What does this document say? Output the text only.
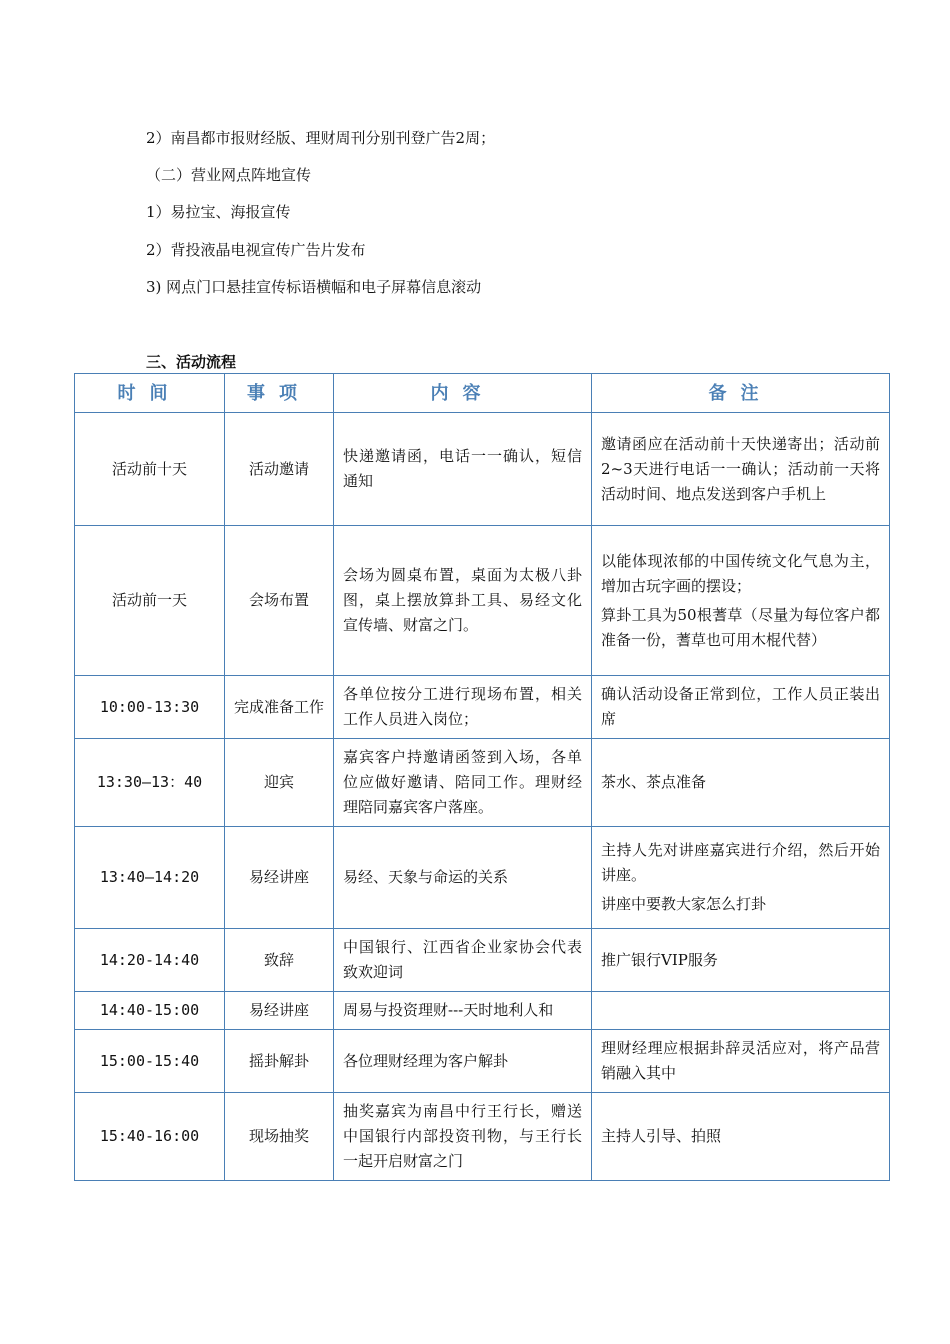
2）南昌都市报财经版、理财周刊分别刊登广告2周；
（二）营业网点阵地宣传
1）易拉宝、海报宣传
2）背投液晶电视宣传广告片发布
3) 网点门口悬挂宣传标语横幅和电子屏幕信息滚动
三、活动流程
时间	事项	内容	备注
活动前十天	活动邀请	快递邀请函，电话一一确认，短信通知	邀请函应在活动前十天快递寄出；活动前2~3天进行电话一一确认；活动前一天将活动时间、地点发送到客户手机上

活动前一天	会场布置	会场为圆桌布置，桌面为太极八卦图，桌上摆放算卦工具、易经文化宣传墙、财富之门。	以能体现浓郁的中国传统文化气息为主，增加古玩字画的摆设；
算卦工具为50根蓍草（尽量为每位客户都准备一份，蓍草也可用木棍代替）

10:00-13:30	完成准备工作	各单位按分工进行现场布置，相关工作人员进入岗位；	确认活动设备正常到位，工作人员正装出席

13:30—13：40	迎宾	嘉宾客户持邀请函签到入场，各单位应做好邀请、陪同工作。理财经理陪同嘉宾客户落座。	茶水、茶点准备

13:40—14:20	易经讲座	易经、天象与命运的关系	主持人先对讲座嘉宾进行介绍，然后开始讲座。
讲座中要教大家怎么打卦

14:20-14:40	致辞	中国银行、江西省企业家协会代表致欢迎词	推广银行VIP服务

14:40-15:00	易经讲座	周易与投资理财---天时地利人和	
15:00-15:40	摇卦解卦	各位理财经理为客户解卦	理财经理应根据卦辞灵活应对，将产品营销融入其中

15:40-16:00	现场抽奖	抽奖嘉宾为南昌中行王行长，赠送中国银行内部投资刊物，与王行长一起开启财富之门	主持人引导、拍照
